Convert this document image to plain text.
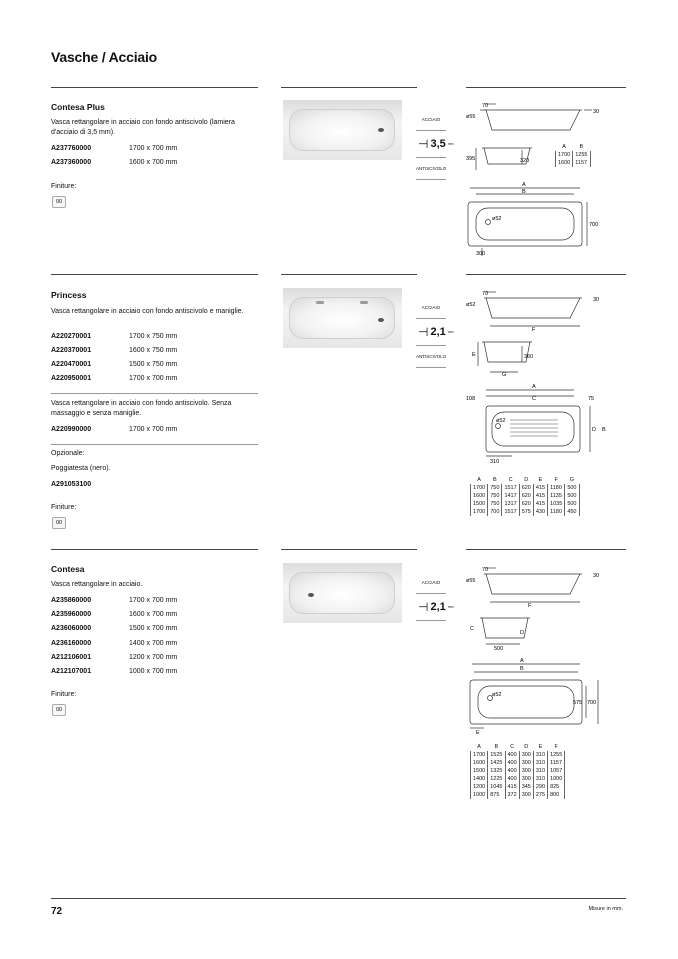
Vasche / Acciaio
Contesa Plus
Vasca rettangolare in acciaio con fondo antiscivolo (lamiera d'acciaio di 3,5 mm).
A237760000	1700 x 700 mm
A237360000	1600 x 700 mm
Finiture:
00
ACCIAIO
⊣ 3,5 mm
ANTISCIVOLO
70
ø55
30
395	320
A
B
ø52
700
300
A	B
1700	1255
1600	1157
Princess
Vasca rettangolare in acciaio con fondo antiscivolo e maniglie.
A220270001	1700 x 750 mm
A220370001	1600 x 750 mm
A220470001	1500 x 750 mm
A220950001	1700 x 700 mm
Vasca rettangolare in acciaio con fondo antiscivolo. Senza massaggio e senza maniglie.
A220990000	1700 x 700 mm
Opzionale:
Poggiatesta (nero).
A291053100
Finiture:
00
ACCIAIO
⊣ 2,1 mm
ANTISCIVOLO
70
ø52
30
F
E
G
360
A
108	C	75
ø52
D B
310
A	B	C	D	E	F	G
1700	750	1517	620	415	1180	500
1600	750	1417	620	415	1135	500
1500	750	1317	620	415	1035	500
1700	700	1517	575	430	1180	450
Contesa
Vasca rettangolare in acciaio.
A235860000	1700 x 700 mm
A235960000	1600 x 700 mm
A236060000	1500 x 700 mm
A236160000	1400 x 700 mm
A212106001	1200 x 700 mm
A212107001	1000 x 700 mm
Finiture:
00
ACCIAIO
⊣ 2,1 mm
70
ø55
30
F
C
D
500
A
B
ø52
575 700
E
A	B	C	D	E	F
1700	1525	400	300	310	1255
1600	1425	400	300	310	1157
1500	1325	400	300	310	1057
1400	1225	400	300	310	1000
1200	1045	415	345	290	825
1000	875	372	300	275	800
72	Misure in mm.
